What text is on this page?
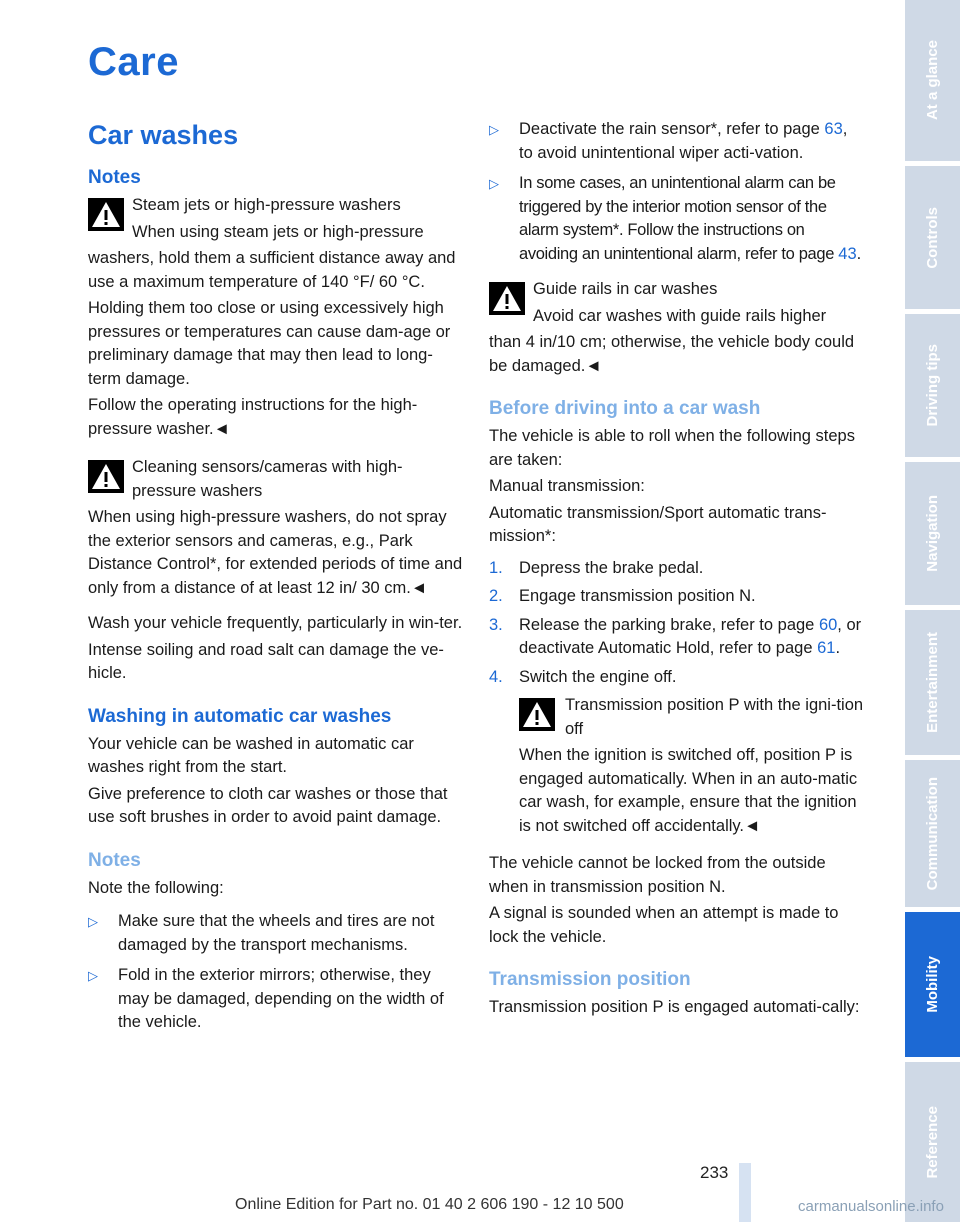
Care
Car washes
Notes

Steam jets or high-pressure washers

When using steam jets or high-pressure

washers, hold them a sufficient distance away and use a maximum temperature of 140 °F/ 60 °C.

Holding them too close or using excessively high pressures or temperatures can cause dam-age or preliminary damage that may then lead to long-term damage.

Follow the operating instructions for the high-pressure washer.◄

Cleaning sensors/cameras with high-pressure washers

When using high-pressure washers, do not spray the exterior sensors and cameras, e.g., Park Distance Control*, for extended periods of time and only from a distance of at least 12 in/ 30 cm.◄

Wash your vehicle frequently, particularly in win-ter.

Intense soiling and road salt can damage the ve-hicle.

Washing in automatic car washes

Your vehicle can be washed in automatic car washes right from the start.

Give preference to cloth car washes or those that use soft brushes in order to avoid paint damage.

Notes

Note the following:

▷ Make sure that the wheels and tires are not damaged by the transport mechanisms.
▷ Fold in the exterior mirrors; otherwise, they may be damaged, depending on the width of the vehicle.
▷ Deactivate the rain sensor*, refer to page 63, to avoid unintentional wiper acti-vation.
▷ In some cases, an unintentional alarm can be triggered by the interior motion sensor of the alarm system*. Follow the instructions on avoiding an unintentional alarm, refer to page 43.

Guide rails in car washes

Avoid car washes with guide rails higher

than 4 in/10 cm; otherwise, the vehicle body could be damaged.◄

Before driving into a car wash

The vehicle is able to roll when the following steps are taken:

Manual transmission:

Automatic transmission/Sport automatic trans-mission*:

1. Depress the brake pedal.
2. Engage transmission position N.
3. Release the parking brake, refer to page 60, or deactivate Automatic Hold, refer to page 61.
4. Switch the engine off.

Transmission position P with the igni-tion off

When the ignition is switched off, position P is engaged automatically. When in an auto-matic car wash, for example, ensure that the ignition is not switched off accidentally.◄

The vehicle cannot be locked from the outside when in transmission position N.

A signal is sounded when an attempt is made to lock the vehicle.

Transmission position

Transmission position P is engaged automati-cally:

At a glance
Controls
Driving tips
Navigation
Entertainment
Communication
Mobility
Reference
233
Online Edition for Part no. 01 40 2 606 190 - 12 10 500	carmanualsonline.info
